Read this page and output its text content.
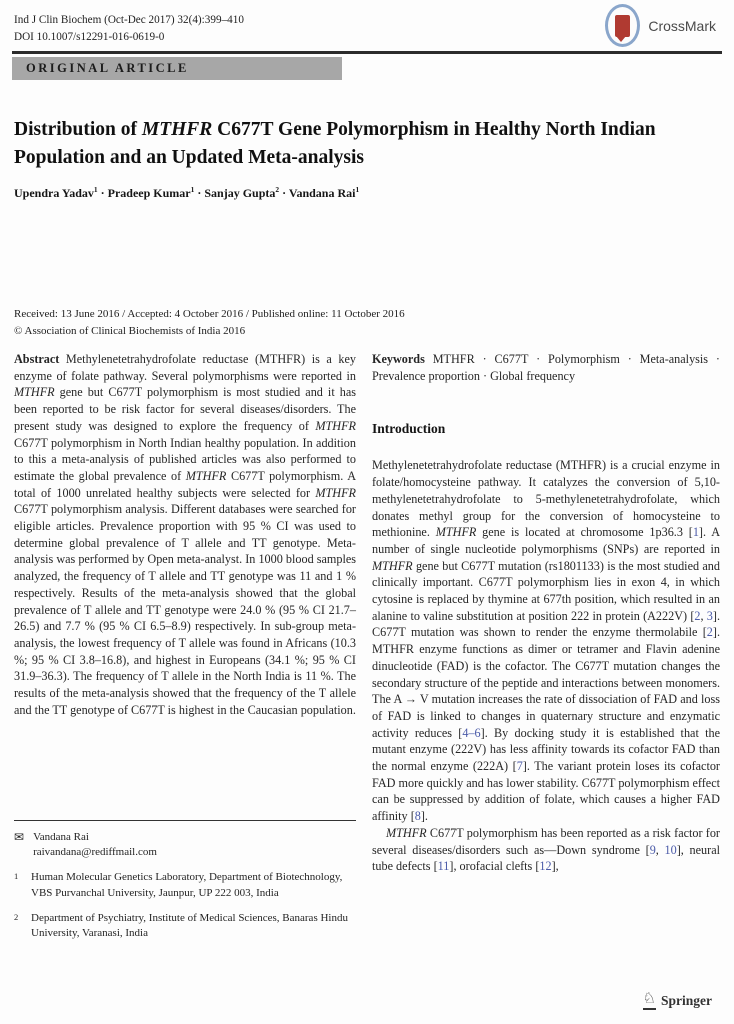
Ind J Clin Biochem (Oct-Dec 2017) 32(4):399–410
DOI 10.1007/s12291-016-0619-0
CrossMark
ORIGINAL ARTICLE
Distribution of MTHFR C677T Gene Polymorphism in Healthy North Indian Population and an Updated Meta-analysis
Upendra Yadav$^1$ · Pradeep Kumar$^1$ · Sanjay Gupta$^2$ · Vandana Rai$^1$
Received: 13 June 2016 / Accepted: 4 October 2016 / Published online: 11 October 2016
© Association of Clinical Biochemists of India 2016

Abstract Methylenetetrahydrofolate reductase (MTHFR) is a key enzyme of folate pathway. Several polymorphisms were reported in MTHFR gene but C677T polymorphism is most studied and it has been reported to be risk factor for several diseases/disorders. The present study was designed to explore the frequency of MTHFR C677T polymorphism in North Indian healthy population. In addition to this a meta-analysis of published articles was also performed to estimate the global prevalence of MTHFR C677T polymorphism. A total of 1000 unrelated healthy subjects were selected for MTHFR C677T polymorphism analysis. Different databases were searched for eligible articles. Prevalence proportion with 95 % CI was used to determine global prevalence of T allele and TT genotype. Meta-analysis was performed by Open meta-analyst. In 1000 blood samples analyzed, the frequency of T allele and TT genotype was 11 and 1 % respectively. Results of the meta-analysis showed that the global prevalence of T allele and TT genotype were 24.0 % (95 % CI 21.7–26.5) and 7.7 % (95 % CI 6.5–8.9) respectively. In sub-group meta-analysis, the lowest frequency of T allele was found in Africans (10.3 %; 95 % CI 3.8–16.8), and highest in Europeans (34.1 %; 95 % CI 31.9–36.3). The frequency of T allele in the North India is 11 %. The results of the meta-analysis showed that the frequency of the T allele and the TT genotype of C677T is highest in the Caucasian population.

Keywords MTHFR · C677T · Polymorphism · Meta-analysis · Prevalence proportion · Global frequency

Introduction

Methylenetetrahydrofolate reductase (MTHFR) is a crucial enzyme in folate/homocysteine pathway. It catalyzes the conversion of 5,10-methylenetetrahydrofolate to 5-methylenetetrahydrofolate, which donates methyl group for the conversion of homocysteine to methionine. MTHFR gene is located at chromosome 1p36.3 [1]. A number of single nucleotide polymorphisms (SNPs) are reported in MTHFR gene but C677T mutation (rs1801133) is the most studied and clinically important. C677T polymorphism lies in exon 4, in which cytosine is replaced by thymine at 677th position, which resulted in an alanine to valine substitution at position 222 in protein (A222V) [2, 3]. C677T mutation was shown to render the enzyme thermolabile [2]. MTHFR enzyme functions as dimer or tetramer and Flavin adenine dinucleotide (FAD) is the cofactor. The C677T mutation changes the secondary structure of the peptide and interactions between monomers. The A → V mutation increases the rate of dissociation of FAD and loss of FAD is linked to changes in quaternary structure and enzymatic activity reduces [4–6]. By docking study it is established that the mutant enzyme (222V) has less affinity towards its cofactor FAD than the normal enzyme (222A) [7]. The variant protein loses its cofactor FAD more quickly and has lower stability. C677T polymorphism effect can be suppressed by addition of folate, which causes a higher FAD affinity [8].

MTHFR C677T polymorphism has been reported as a risk factor for several diseases/disorders such as—Down syndrome [9, 10], neural tube defects [11], orofacial clefts [12],

✉ Vandana Rai
raivandana@rediffmail.com
1	Human Molecular Genetics Laboratory, Department of Biotechnology, VBS Purvanchal University, Jaunpur, UP 222 003, India
2	Department of Psychiatry, Institute of Medical Sciences, Banaras Hindu University, Varanasi, India
♘ Springer
